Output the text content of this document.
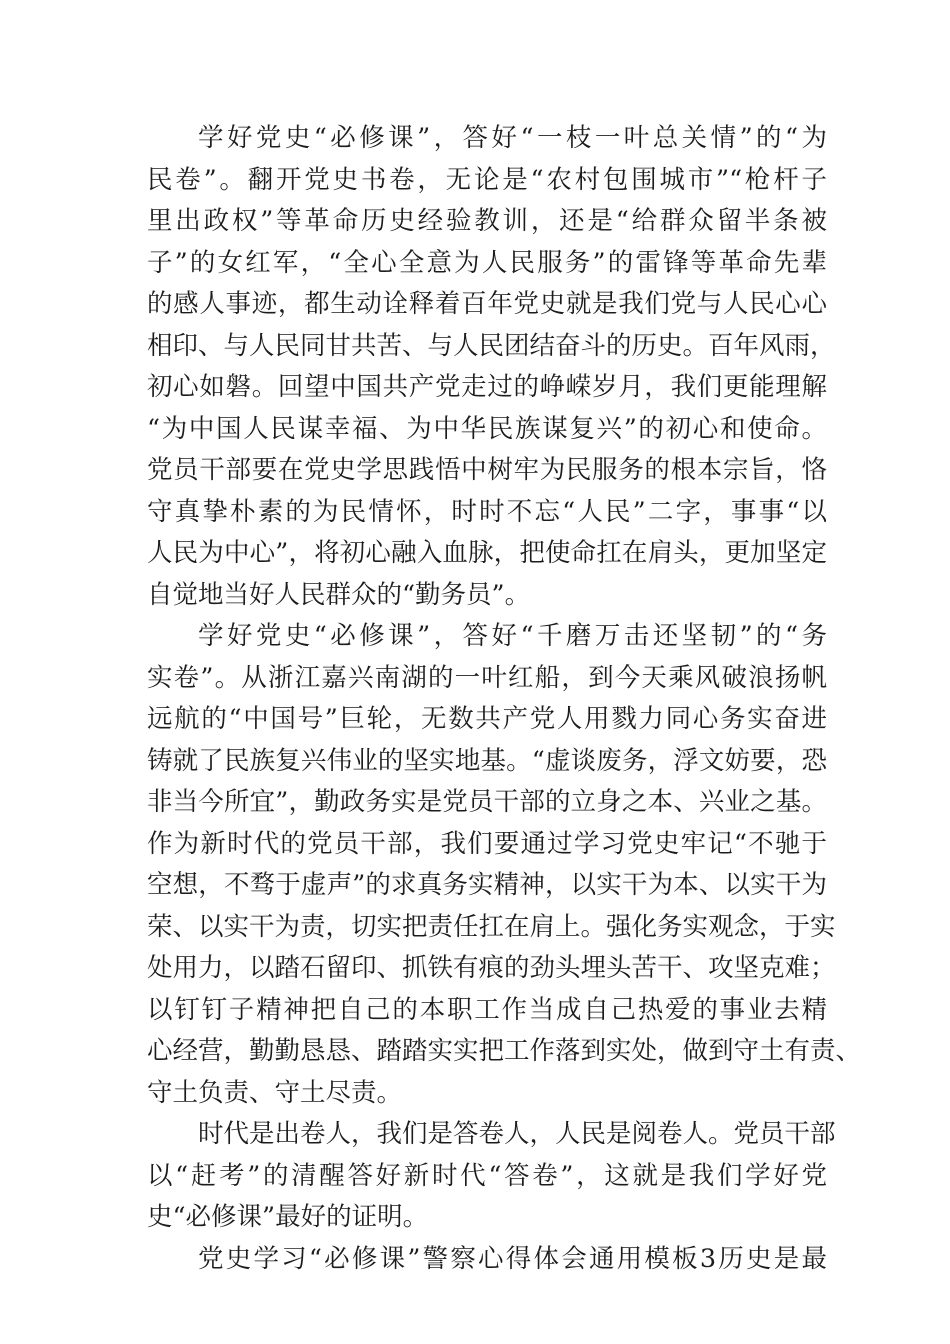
学好党史“必修课”，答好“一枝一叶总关情”的“为
民卷”。翻开党史书卷，无论是“农村包围城市”“枪杆子
里出政权”等革命历史经验教训，还是“给群众留半条被
子”的女红军，“全心全意为人民服务”的雷锋等革命先辈
的感人事迹，都生动诠释着百年党史就是我们党与人民心心
相印、与人民同甘共苦、与人民团结奋斗的历史。百年风雨，
初心如磐。回望中国共产党走过的峥嵘岁月，我们更能理解
“为中国人民谋幸福、为中华民族谋复兴”的初心和使命。
党员干部要在党史学思践悟中树牢为民服务的根本宗旨，恪
守真挚朴素的为民情怀，时时不忘“人民”二字，事事“以
人民为中心”，将初心融入血脉，把使命扛在肩头，更加坚定
自觉地当好人民群众的“勤务员”。
学好党史“必修课”，答好“千磨万击还坚韧”的“务
实卷”。从浙江嘉兴南湖的一叶红船，到今天乘风破浪扬帆
远航的“中国号”巨轮，无数共产党人用戮力同心务实奋进
铸就了民族复兴伟业的坚实地基。“虚谈废务，浮文妨要，恐
非当今所宜”，勤政务实是党员干部的立身之本、兴业之基。
作为新时代的党员干部，我们要通过学习党史牢记“不驰于
空想，不骛于虚声”的求真务实精神，以实干为本、以实干为
荣、以实干为责，切实把责任扛在肩上。强化务实观念，于实
处用力，以踏石留印、抓铁有痕的劲头埋头苦干、攻坚克难；
以钉钉子精神把自己的本职工作当成自己热爱的事业去精
心经营，勤勤恳恳、踏踏实实把工作落到实处，做到守土有责、
守土负责、守土尽责。
时代是出卷人，我们是答卷人，人民是阅卷人。党员干部
以“赶考”的清醒答好新时代“答卷”，这就是我们学好党
史“必修课”最好的证明。
党史学习“必修课”警察心得体会通用模板3历史是最
